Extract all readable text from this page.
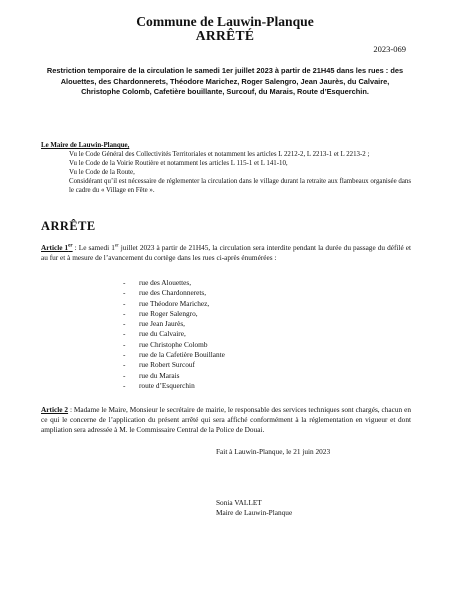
Commune de Lauwin-Planque
ARRÊTÉ
2023-069
Restriction temporaire de la circulation le samedi 1er juillet 2023 à partir de 21H45 dans les rues : des Alouettes, des Chardonnerets, Théodore Marichez, Roger Salengro, Jean Jaurès, du Calvaire, Christophe Colomb, Cafetière bouillante, Surcouf, du Marais, Route d’Esquerchin.

Le Maire de Lauwin-Planque,

Vu le Code Général des Collectivités Territoriales et notamment les articles L 2212-2, L 2213-1 et L 2213-2 ;

Vu le Code de la Voirie Routière et notamment les articles L 115-1 et L 141-10,

Vu le Code de la Route,

Considérant qu’il est nécessaire de réglementer la circulation dans le village durant la retraite aux flambeaux organisée dans le cadre du « Village en Fête ».

ARRÊTE
Article 1er : Le samedi 1er juillet 2023 à partir de 21H45, la circulation sera interdite pendant la durée du passage du défilé et au fur et à mesure de l’avancement du cortège dans les rues ci-après énumérées :
-	rue des Alouettes,
-	rue des Chardonnerets,
-	rue Théodore Marichez,
-	rue Roger Salengro,
-	rue Jean Jaurès,
-	rue du Calvaire,
-	rue Christophe Colomb
-	rue de la Cafetière Bouillante
-	rue Robert Surcouf
-	rue du Marais
-	route d’Esquerchin
Article 2 : Madame le Maire, Monsieur le secrétaire de mairie, le responsable des services techniques sont chargés, chacun en ce qui le concerne de l’application du présent arrêté qui sera affiché conformément à la réglementation en vigueur et dont ampliation sera adressée à M. le Commissaire Central de la Police de Douai.
Fait à Lauwin-Planque, le 21 juin 2023
Sonia VALLET
Maire de Lauwin-Planque
